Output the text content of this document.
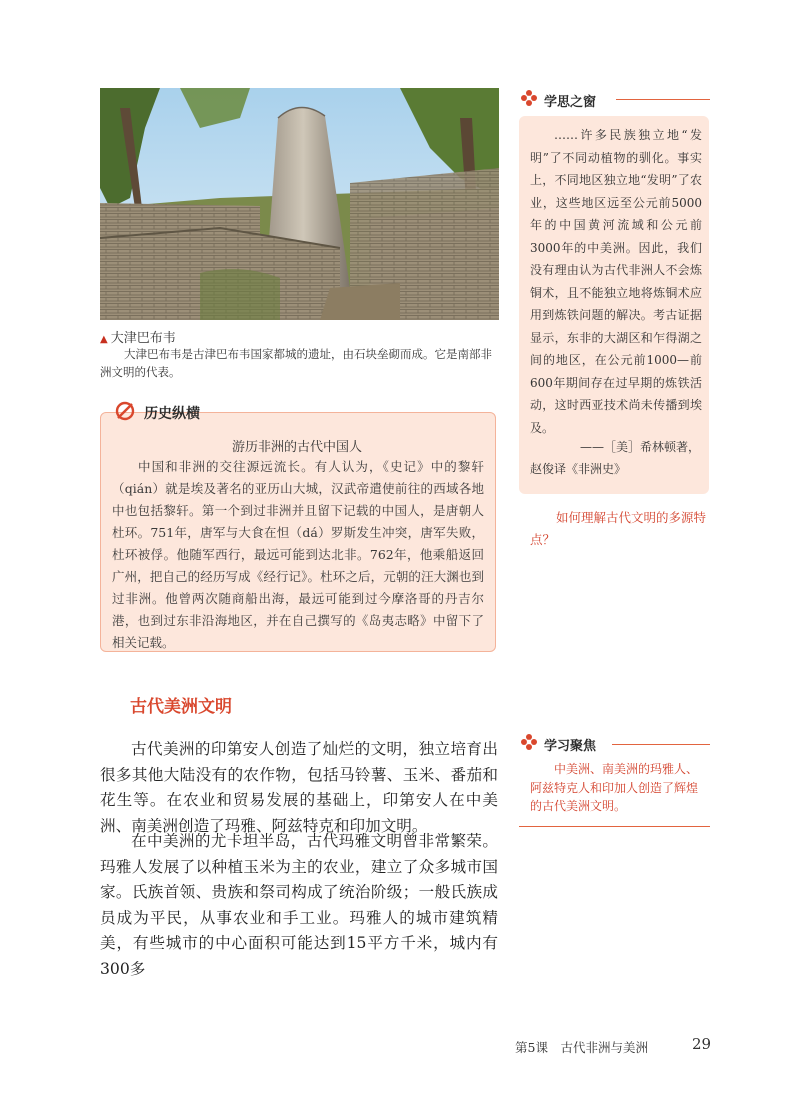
▲ 大津巴布韦
大津巴布韦是古津巴布韦国家都城的遗址，由石块垒砌而成。它是南部非洲文明的代表。
历史纵横
游历非洲的古代中国人
中国和非洲的交往源远流长。有人认为，《史记》中的黎轩（qián）就是埃及著名的亚历山大城，汉武帝遣使前往的西域各地中也包括黎轩。第一个到过非洲并且留下记载的中国人，是唐朝人杜环。751年，唐军与大食在怛（dá）罗斯发生冲突，唐军失败，杜环被俘。他随军西行，最远可能到达北非。762年，他乘船返回广州，把自己的经历写成《经行记》。杜环之后，元朝的汪大渊也到过非洲。他曾两次随商船出海，最远可能到过今摩洛哥的丹吉尔港，也到过东非沿海地区，并在自己撰写的《岛夷志略》中留下了相关记载。
学思之窗
……许多民族独立地“发明”了不同动植物的驯化。事实上，不同地区独立地“发明”了农业，这些地区远至公元前5000年的中国黄河流域和公元前3000年的中美洲。因此，我们没有理由认为古代非洲人不会炼铜术，且不能独立地将炼铜术应用到炼铁问题的解决。考古证据显示，东非的大湖区和乍得湖之间的地区，在公元前1000—前600年期间存在过早期的炼铁活动，这时西亚技术尚未传播到埃及。
——［美］希林顿著，
赵俊译《非洲史》
如何理解古代文明的多源特点？
古代美洲文明
古代美洲的印第安人创造了灿烂的文明，独立培育出很多其他大陆没有的农作物，包括马铃薯、玉米、番茄和花生等。在农业和贸易发展的基础上，印第安人在中美洲、南美洲创造了玛雅、阿兹特克和印加文明。
在中美洲的尤卡坦半岛，古代玛雅文明曾非常繁荣。玛雅人发展了以种植玉米为主的农业，建立了众多城市国家。氏族首领、贵族和祭司构成了统治阶级；一般氏族成员成为平民，从事农业和手工业。玛雅人的城市建筑精美，有些城市的中心面积可能达到15平方千米，城内有300多
学习聚焦
中美洲、南美洲的玛雅人、阿兹特克人和印加人创造了辉煌的古代美洲文明。
第5课　古代非洲与美洲	29
